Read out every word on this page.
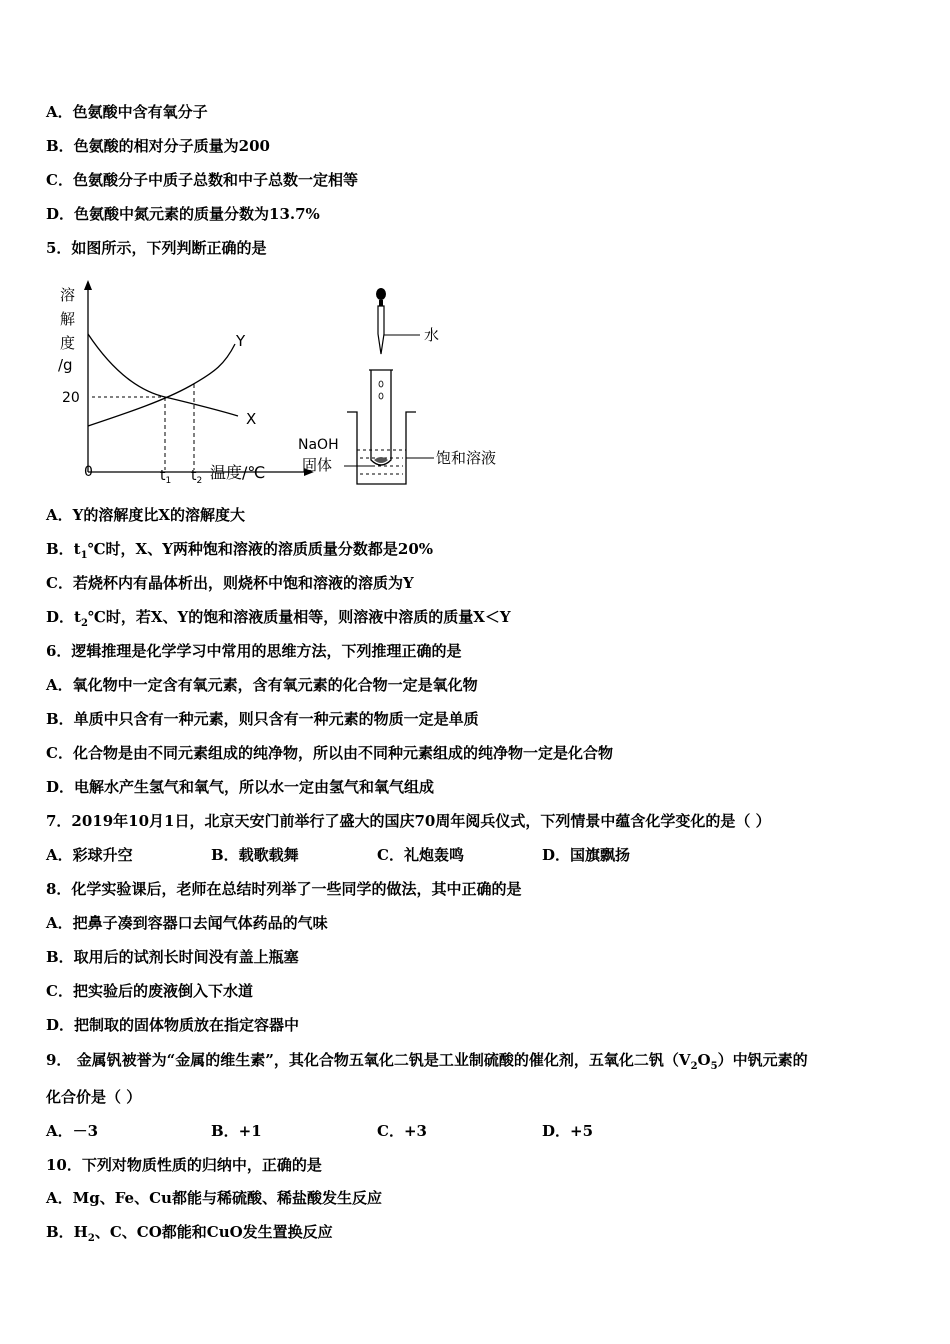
A．色氨酸中含有氧分子
B．色氨酸的相对分子质量为200
C．色氨酸分子中质子总数和中子总数一定相等
D．色氨酸中氮元素的质量分数为13.7%
5．如图所示，下列判断正确的是
溶
解
度
/g
20
0	$t_1$ $t_2$ 温度/℃
Y
X
水
NaOH
固体	饱和溶液
A．Y的溶解度比X的溶解度大
B．$t_1℃$时，X、Y两种饱和溶液的溶质质量分数都是20%
C．若烧杯内有晶体析出，则烧杯中饱和溶液的溶质为Y
D．$t_2℃$时，若X、Y的饱和溶液质量相等，则溶液中溶质的质量X＜Y
6．逻辑推理是化学学习中常用的思维方法，下列推理正确的是
A．氧化物中一定含有氧元素，含有氧元素的化合物一定是氧化物
B．单质中只含有一种元素，则只含有一种元素的物质一定是单质
C．化合物是由不同元素组成的纯净物，所以由不同种元素组成的纯净物一定是化合物
D．电解水产生氢气和氧气，所以水一定由氢气和氧气组成
7．2019年10月1日，北京天安门前举行了盛大的国庆70周年阅兵仪式，下列情景中蕴含化学变化的是（ ）
A．彩球升空	B．载歌载舞	C．礼炮轰鸣	D．国旗飘扬
8．化学实验课后，老师在总结时列举了一些同学的做法，其中正确的是
A．把鼻子凑到容器口去闻气体药品的气味
B．取用后的试剂长时间没有盖上瓶塞
C．把实验后的废液倒入下水道
D．把制取的固体物质放在指定容器中
9． 金属钒被誉为“金属的维生素”，其化合物五氧化二钒是工业制硫酸的催化剂，五氧化二钒$(V_2O_5)$中钒元素的
化合价是（ ）
A．－3	B．+1	C．+3	D．+5
10．下列对物质性质的归纳中，正确的是
A．Mg、Fe、Cu都能与稀硫酸、稀盐酸发生反应
B．$H_2$、C、CO都能和CuO发生置换反应
